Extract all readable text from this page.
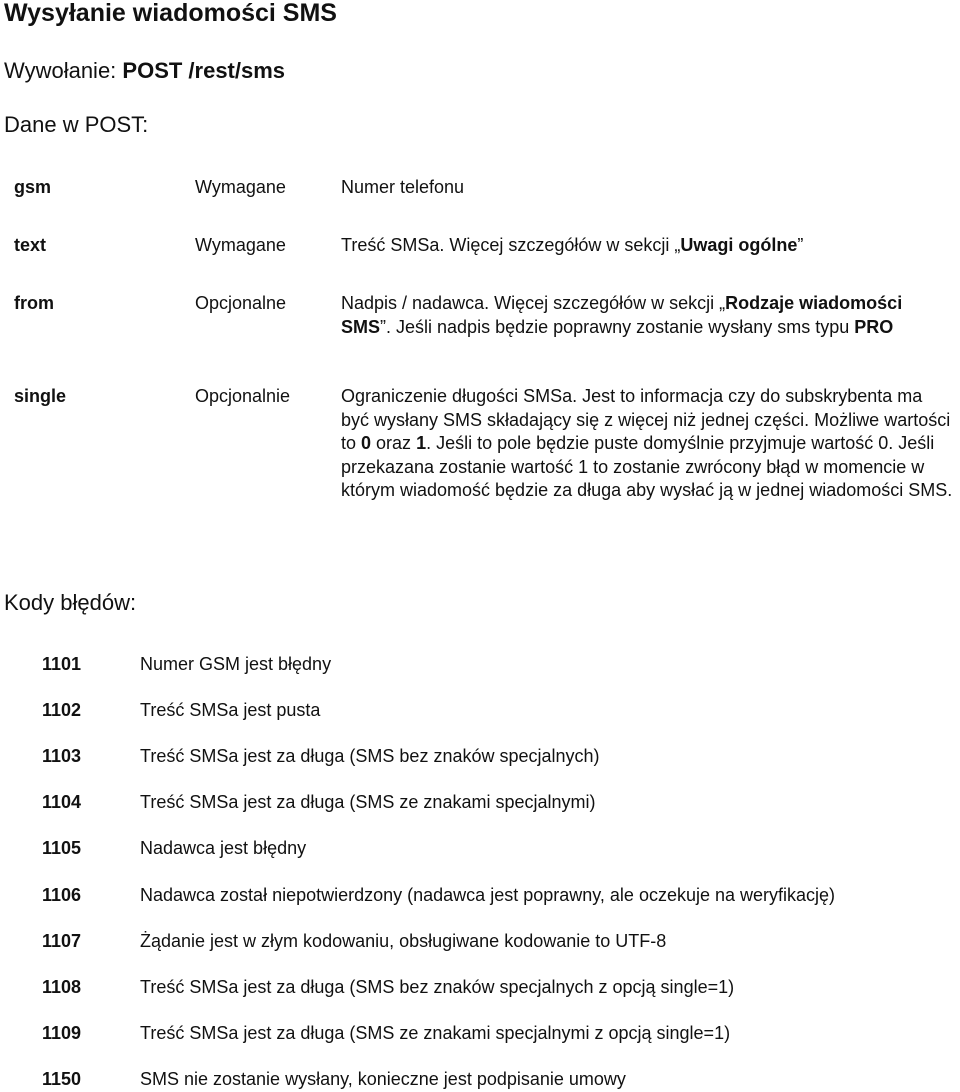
Wysyłanie wiadomości SMS
Wywołanie: POST /rest/sms
Dane w POST:
gsm	Wymagane	Numer telefonu
text	Wymagane	Treść SMSa. Więcej szczegółów w sekcji „Uwagi ogólne”
from	Opcjonalne	Nadpis / nadawca. Więcej szczegółów w sekcji „Rodzaje wiadomości SMS”. Jeśli nadpis będzie poprawny zostanie wysłany sms typu PRO
single	Opcjonalnie	Ograniczenie długości SMSa. Jest to informacja czy do subskrybenta ma być wysłany SMS składający się z więcej niż jednej części. Możliwe wartości to 0 oraz 1. Jeśli to pole będzie puste domyślnie przyjmuje wartość 0. Jeśli przekazana zostanie wartość 1 to zostanie zwrócony błąd w momencie w którym wiadomość będzie za długa aby wysłać ją w jednej wiadomości SMS.
Kody błędów:
1101	Numer GSM jest błędny
1102	Treść SMSa jest pusta
1103	Treść SMSa jest za długa (SMS bez znaków specjalnych)
1104	Treść SMSa jest za długa (SMS ze znakami specjalnymi)
1105	Nadawca jest błędny
1106	Nadawca został niepotwierdzony (nadawca jest poprawny, ale oczekuje na weryfikację)
1107	Żądanie jest w złym kodowaniu, obsługiwane kodowanie to UTF-8
1108	Treść SMSa jest za długa (SMS bez znaków specjalnych z opcją single=1)
1109	Treść SMSa jest za długa (SMS ze znakami specjalnymi z opcją single=1)
1150	SMS nie zostanie wysłany, konieczne jest podpisanie umowy
